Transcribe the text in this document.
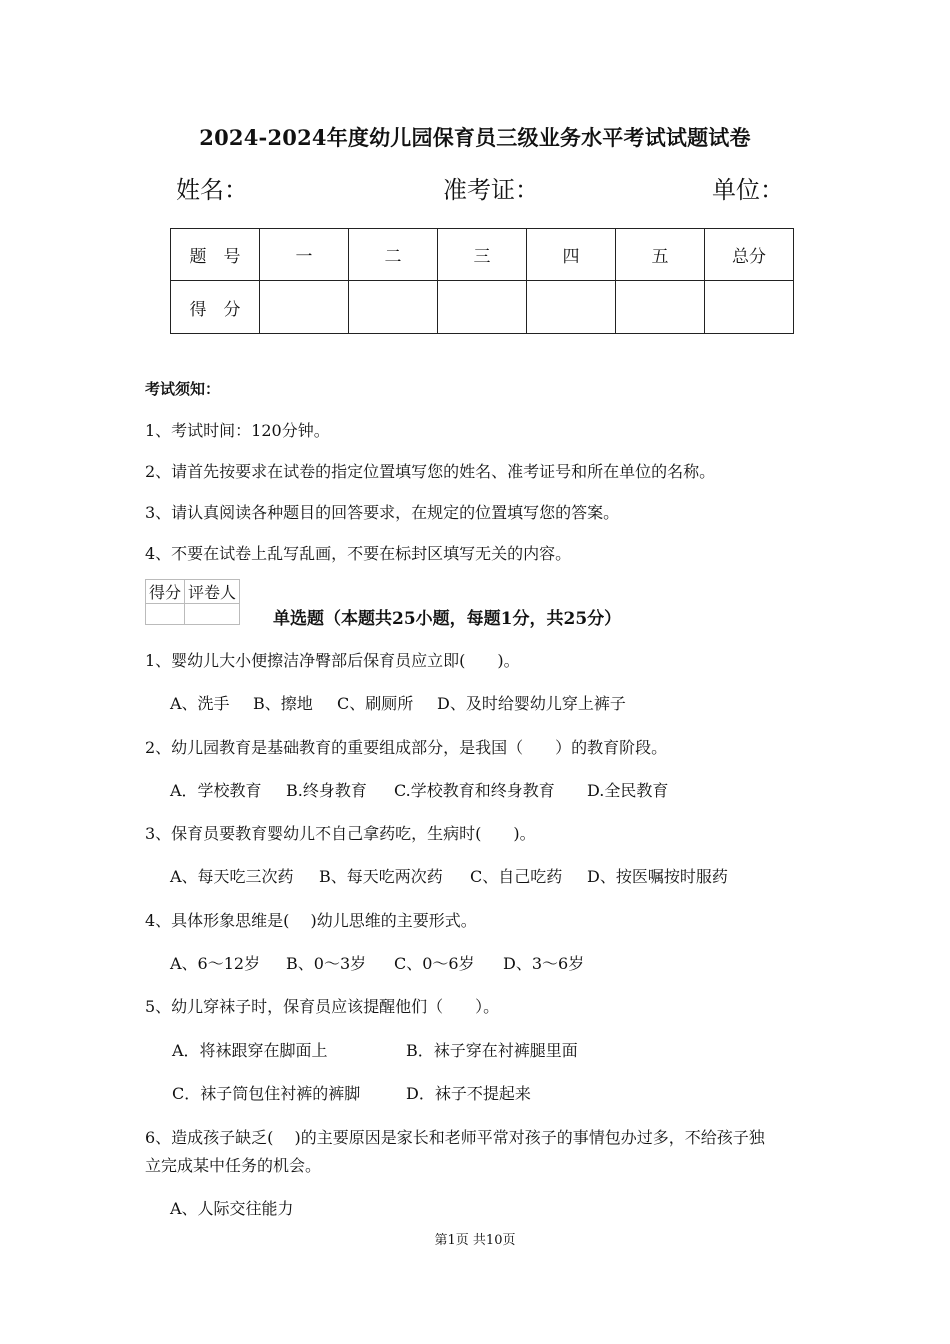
2024-2024年度幼儿园保育员三级业务水平考试试题试卷
姓名：	准考证：	单位：
题　号	一	二	三	四	五	总分
得　分						
考试须知：
1、考试时间：120分钟。
2、请首先按要求在试卷的指定位置填写您的姓名、准考证号和所在单位的名称。
3、请认真阅读各种题目的回答要求，在规定的位置填写您的答案。
4、不要在试卷上乱写乱画，不要在标封区填写无关的内容。
得分	评卷人

单选题（本题共25小题，每题1分，共25分）
1、婴幼儿大小便擦洁净臀部后保育员应立即(　　)。
A、洗手 B、擦地 C、刷厕所 D、及时给婴幼儿穿上裤子
2、幼儿园教育是基础教育的重要组成部分，是我国（　　）的教育阶段。
A．学校教育 B.终身教育 C.学校教育和终身教育 D.全民教育
3、保育员要教育婴幼儿不自己拿药吃，生病时(　　)。
A、每天吃三次药 B、每天吃两次药 C、自己吃药 D、按医嘱按时服药
4、具体形象思维是(　 )幼儿思维的主要形式。
A、6～12岁 B、0～3岁 C、0～6岁 D、3～6岁
5、幼儿穿袜子时，保育员应该提醒他们（　　）。
A．将袜跟穿在脚面上	B．袜子穿在衬裤腿里面
C．袜子筒包住衬裤的裤脚	D．袜子不提起来
6、造成孩子缺乏(　 )的主要原因是家长和老师平常对孩子的事情包办过多，不给孩子独
立完成某中任务的机会。
A、人际交往能力
第1页 共10页
